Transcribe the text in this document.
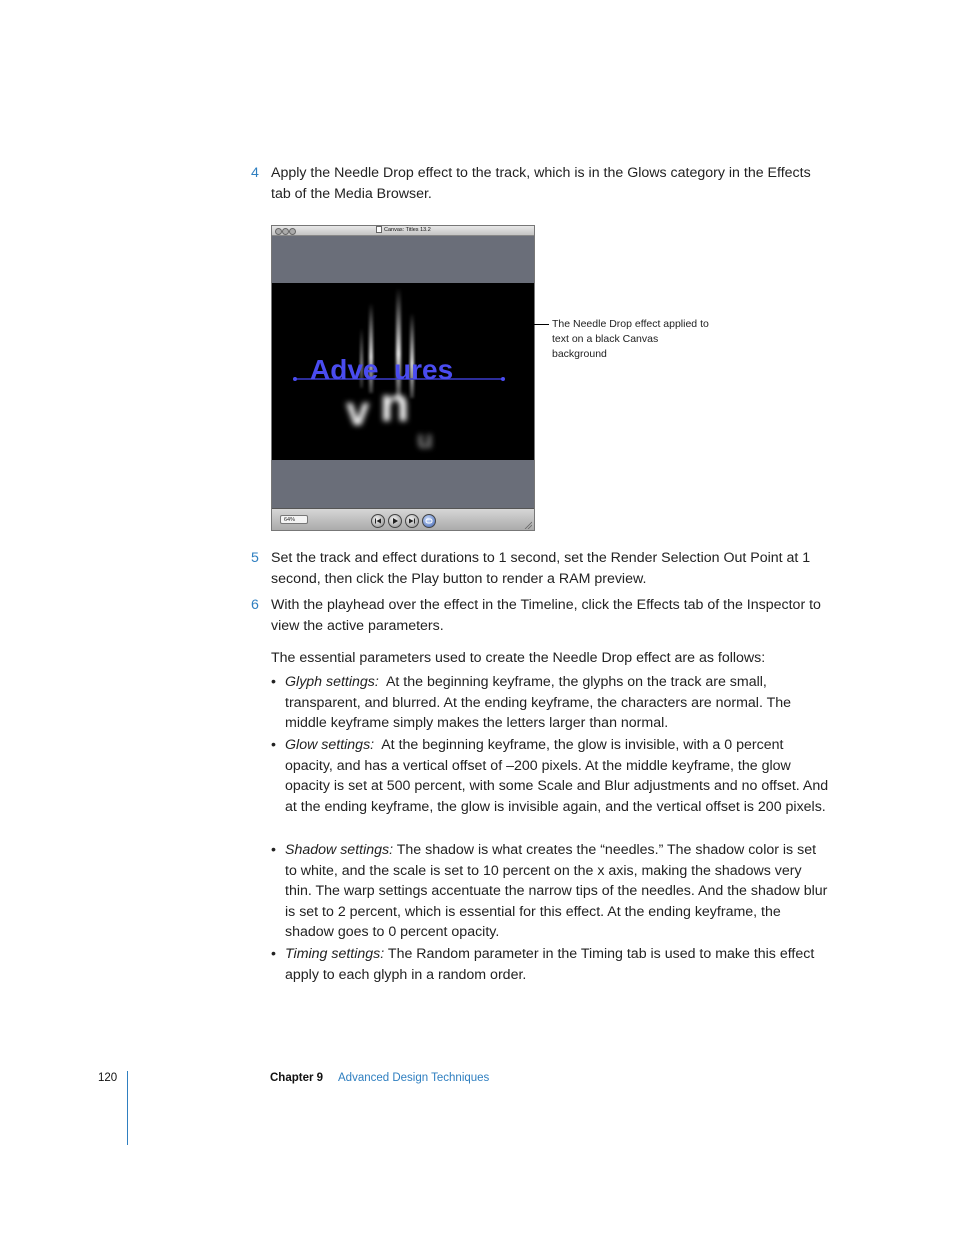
4 Apply the Needle Drop effect to the track, which is in the Glows category in the Effects tab of the Media Browser.
Canvas: Titles 13.2
v n
u
Adve  ures
64%
The Needle Drop effect applied to text on a black Canvas background
5 Set the track and effect durations to 1 second, set the Render Selection Out Point at 1 second, then click the Play button to render a RAM preview.
6 With the playhead over the effect in the Timeline, click the Effects tab of the Inspector to view the active parameters.
The essential parameters used to create the Needle Drop effect are as follows:
• Glyph settings: At the beginning keyframe, the glyphs on the track are small, transparent, and blurred. At the ending keyframe, the characters are normal. The middle keyframe simply makes the letters larger than normal.
• Glow settings: At the beginning keyframe, the glow is invisible, with a 0 percent opacity, and has a vertical offset of –200 pixels. At the middle keyframe, the glow opacity is set at 500 percent, with some Scale and Blur adjustments and no offset. And at the ending keyframe, the glow is invisible again, and the vertical offset is 200 pixels.
• Shadow settings: The shadow is what creates the “needles.” The shadow color is set to white, and the scale is set to 10 percent on the x axis, making the shadows very thin. The warp settings accentuate the narrow tips of the needles. And the shadow blur is set to 2 percent, which is essential for this effect. At the ending keyframe, the shadow goes to 0 percent opacity.
• Timing settings: The Random parameter in the Timing tab is used to make this effect apply to each glyph in a random order.
120	Chapter 9 Advanced Design Techniques
